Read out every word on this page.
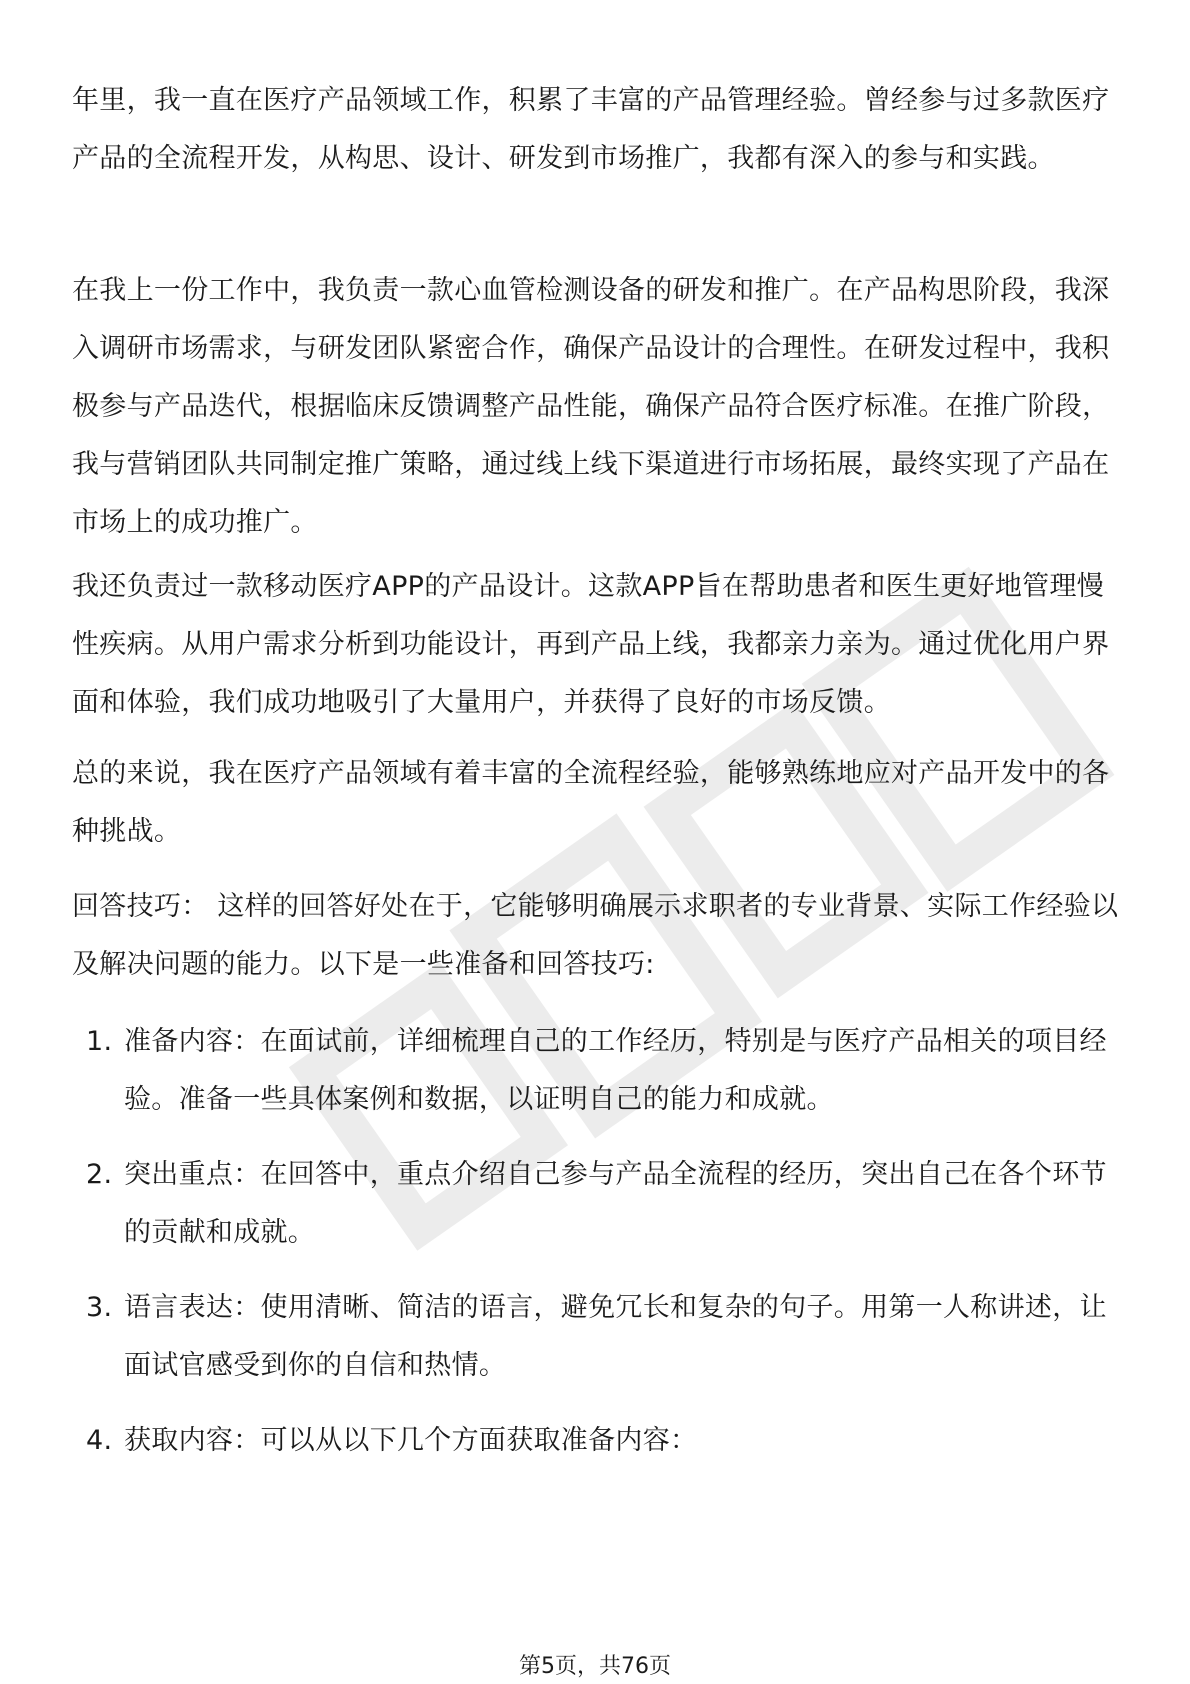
年里，我一直在医疗产品领域工作，积累了丰富的产品管理经验。曾经参与过多款医疗产品的全流程开发，从构思、设计、研发到市场推广，我都有深入的参与和实践。
在我上一份工作中，我负责一款心血管检测设备的研发和推广。在产品构思阶段，我深入调研市场需求，与研发团队紧密合作，确保产品设计的合理性。在研发过程中，我积极参与产品迭代，根据临床反馈调整产品性能，确保产品符合医疗标准。在推广阶段，我与营销团队共同制定推广策略，通过线上线下渠道进行市场拓展，最终实现了产品在市场上的成功推广。
我还负责过一款移动医疗APP的产品设计。这款APP旨在帮助患者和医生更好地管理慢性疾病。从用户需求分析到功能设计，再到产品上线，我都亲力亲为。通过优化用户界面和体验，我们成功地吸引了大量用户，并获得了良好的市场反馈。
总的来说，我在医疗产品领域有着丰富的全流程经验，能够熟练地应对产品开发中的各种挑战。
回答技巧： 这样的回答好处在于，它能够明确展示求职者的专业背景、实际工作经验以及解决问题的能力。以下是一些准备和回答技巧:
1. 准备内容：在面试前，详细梳理自己的工作经历，特别是与医疗产品相关的项目经验。准备一些具体案例和数据，以证明自己的能力和成就。
2. 突出重点：在回答中，重点介绍自己参与产品全流程的经历，突出自己在各个环节的贡献和成就。
3. 语言表达：使用清晰、简洁的语言，避免冗长和复杂的句子。用第一人称讲述，让面试官感受到你的自信和热情。
4. 获取内容：可以从以下几个方面获取准备内容：
第5页，共76页
